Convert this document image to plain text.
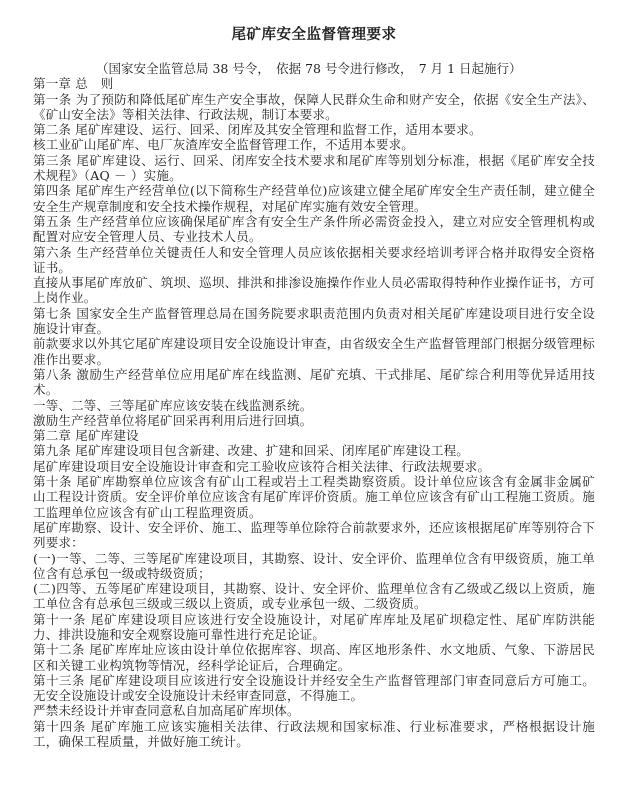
尾矿库安全监督管理要求

（国家安全监管总局 38 号令，　依据 78 号令进行修改，　7 月 1 日起施行）

第一章 总　则

第一条 为了预防和降低尾矿库生产安全事故，保障人民群众生命和财产安全，依据《安全生产法》、《矿山安全法》等相关法律、行政法规，制订本要求。

第二条 尾矿库建设、运行、回采、闭库及其安全管理和监督工作，适用本要求。

核工业矿山尾矿库、电厂灰渣库安全监督管理工作，不适用本要求。

第三条 尾矿库建设、运行、回采、闭库安全技术要求和尾矿库等别划分标准，根据《尾矿库安全技术规程》（AQ － ）实施。

第四条 尾矿库生产经营单位(以下简称生产经营单位)应该建立健全尾矿库安全生产责任制，建立健全安全生产规章制度和安全技术操作规程，对尾矿库实施有效安全管理。

第五条 生产经营单位应该确保尾矿库含有安全生产条件所必需资金投入，建立对应安全管理机构或配置对应安全管理人员、专业技术人员。

第六条 生产经营单位关键责任人和安全管理人员应该依据相关要求经培训考评合格并取得安全资格证书。

直接从事尾矿库放矿、筑坝、巡坝、排洪和排渗设施操作作业人员必需取得特种作业操作证书，方可上岗作业。

第七条 国家安全生产监督管理总局在国务院要求职责范围内负责对相关尾矿库建设项目进行安全设施设计审查。

前款要求以外其它尾矿库建设项目安全设施设计审查，由省级安全生产监督管理部门根据分级管理标准作出要求。

第八条 激励生产经营单位应用尾矿库在线监测、尾矿充填、干式排尾、尾矿综合利用等优异适用技术。

一等、二等、三等尾矿库应该安装在线监测系统。

激励生产经营单位将尾矿回采再利用后进行回填。

第二章 尾矿库建设

第九条 尾矿库建设项目包含新建、改建、扩建和回采、闭库尾矿库建设工程。

尾矿库建设项目安全设施设计审查和完工验收应该符合相关法律、行政法规要求。

第十条 尾矿库勘察单位应该含有矿山工程或岩土工程类勘察资质。设计单位应该含有金属非金属矿山工程设计资质。安全评价单位应该含有尾矿库评价资质。施工单位应该含有矿山工程施工资质。施工监理单位应该含有矿山工程监理资质。

尾矿库勘察、设计、安全评价、施工、监理等单位除符合前款要求外，还应该根据尾矿库等别符合下列要求：

(一)一等、二等、三等尾矿库建设项目，其勘察、设计、安全评价、监理单位含有甲级资质，施工单位含有总承包一级或特级资质；

(二)四等、五等尾矿库建设项目，其勘察、设计、安全评价、监理单位含有乙级或乙级以上资质，施工单位含有总承包三级或三级以上资质，或专业承包一级、二级资质。

第十一条 尾矿库建设项目应该进行安全设施设计，对尾矿库库址及尾矿坝稳定性、尾矿库防洪能力、排洪设施和安全观察设施可靠性进行充足论证。

第十二条 尾矿库库址应该由设计单位依据库容、坝高、库区地形条件、水文地质、气象、下游居民区和关键工业构筑物等情况，经科学论证后，合理确定。

第十三条 尾矿库建设项目应该进行安全设施设计并经安全生产监督管理部门审查同意后方可施工。无安全设施设计或安全设施设计未经审查同意，不得施工。

严禁未经设计并审查同意私自加高尾矿库坝体。

第十四条 尾矿库施工应该实施相关法律、行政法规和国家标准、行业标准要求，严格根据设计施工，确保工程质量，并做好施工统计。
